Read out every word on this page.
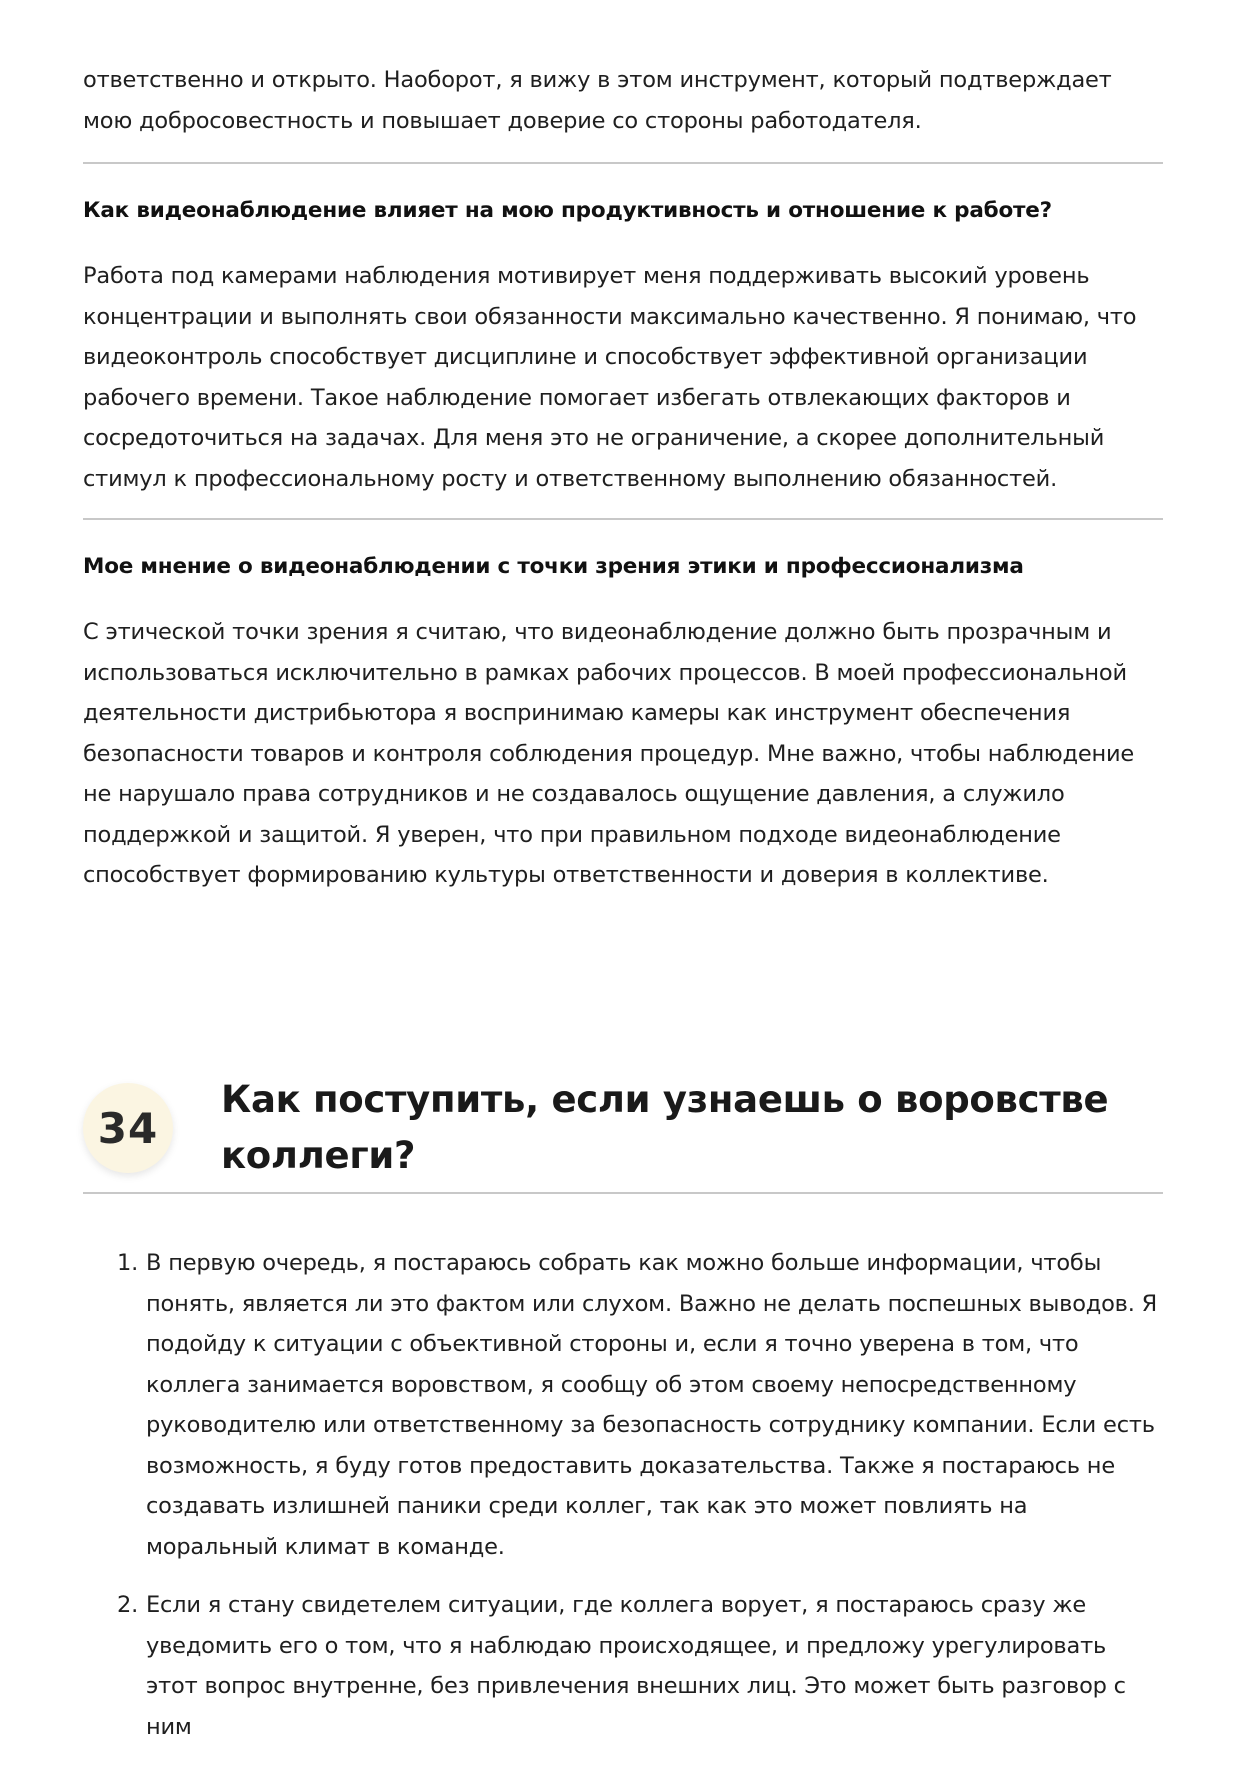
ответственно и открыто. Наоборот, я вижу в этом инструмент, который подтверждает мою добросовестность и повышает доверие со стороны работодателя.

Как видеонаблюдение влияет на мою продуктивность и отношение к работе?

Работа под камерами наблюдения мотивирует меня поддерживать высокий уровень концентрации и выполнять свои обязанности максимально качественно. Я понимаю, что видеоконтроль способствует дисциплине и способствует эффективной организации рабочего времени. Такое наблюдение помогает избегать отвлекающих факторов и сосредоточиться на задачах. Для меня это не ограничение, а скорее дополнительный стимул к профессиональному росту и ответственному выполнению обязанностей.

Мое мнение о видеонаблюдении с точки зрения этики и профессионализма

С этической точки зрения я считаю, что видеонаблюдение должно быть прозрачным и использоваться исключительно в рамках рабочих процессов. В моей профессиональной деятельности дистрибьютора я воспринимаю камеры как инструмент обеспечения безопасности товаров и контроля соблюдения процедур. Мне важно, чтобы наблюдение не нарушало права сотрудников и не создавалось ощущение давления, а служило поддержкой и защитой. Я уверен, что при правильном подходе видеонаблюдение способствует формированию культуры ответственности и доверия в коллективе.

34
Как поступить, если узнаешь о воровстве коллеги?
1. В первую очередь, я постараюсь собрать как можно больше информации, чтобы понять, является ли это фактом или слухом. Важно не делать поспешных выводов. Я подойду к ситуации с объективной стороны и, если я точно уверена в том, что коллега занимается воровством, я сообщу об этом своему непосредственному руководителю или ответственному за безопасность сотруднику компании. Если есть возможность, я буду готов предоставить доказательства. Также я постараюсь не создавать излишней паники среди коллег, так как это может повлиять на моральный климат в команде.
2. Если я стану свидетелем ситуации, где коллега ворует, я постараюсь сразу же уведомить его о том, что я наблюдаю происходящее, и предложу урегулировать этот вопрос внутренне, без привлечения внешних лиц. Это может быть разговор с ним
